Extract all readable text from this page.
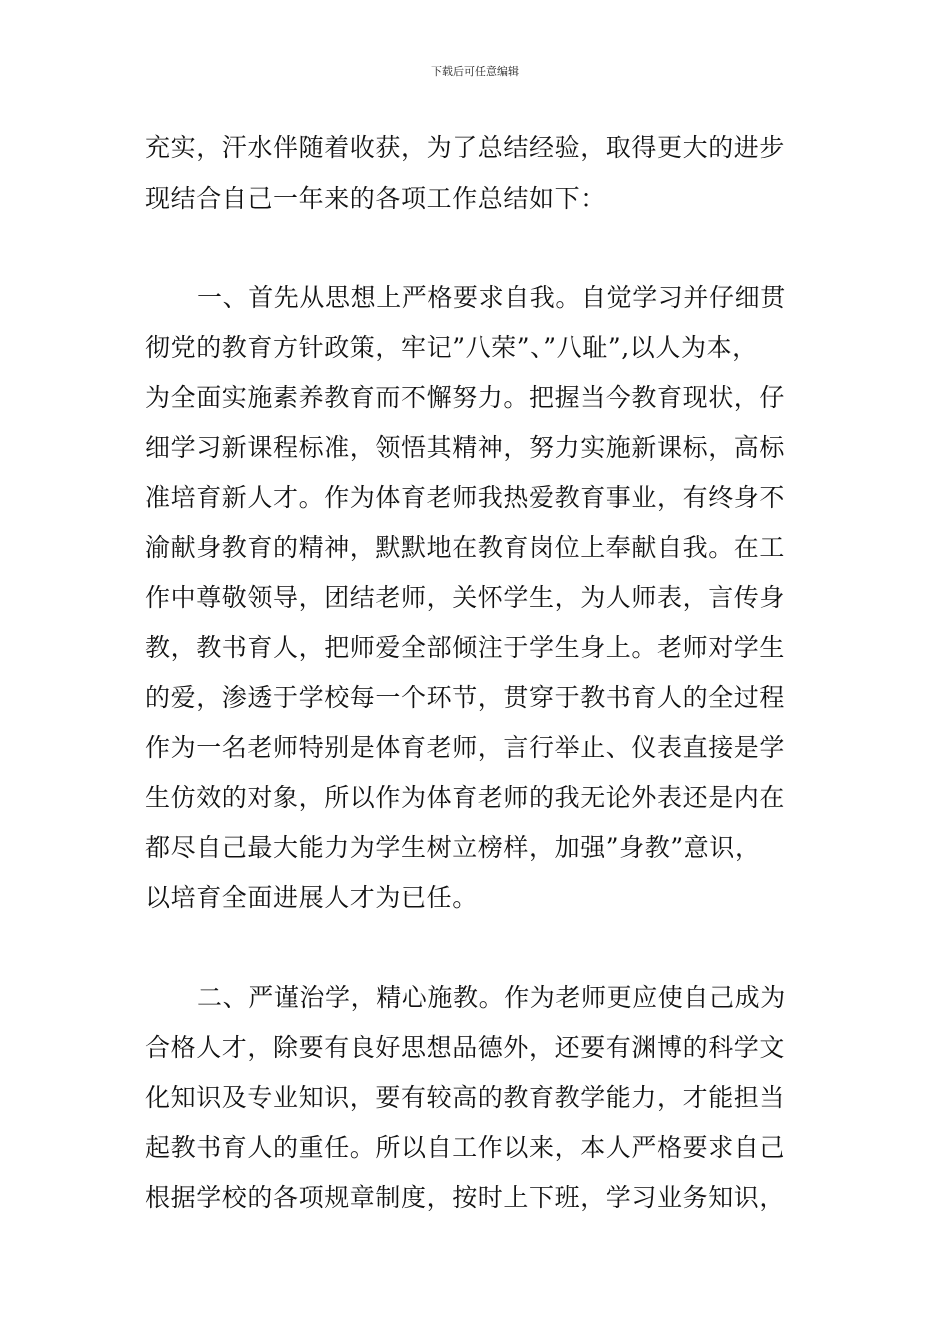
下载后可任意编辑
充实，汗水伴随着收获，为了总结经验，取得更大的进步
现结合自己一年来的各项工作总结如下：
一、首先从思想上严格要求自我。自觉学习并仔细贯
彻党的教育方针政策，牢记”八荣”、”八耻”,以人为本，
为全面实施素养教育而不懈努力。把握当今教育现状，仔
细学习新课程标准，领悟其精神，努力实施新课标，高标
准培育新人才。作为体育老师我热爱教育事业，有终身不
渝献身教育的精神，默默地在教育岗位上奉献自我。在工
作中尊敬领导，团结老师，关怀学生，为人师表，言传身
教，教书育人，把师爱全部倾注于学生身上。老师对学生
的爱，渗透于学校每一个环节，贯穿于教书育人的全过程
作为一名老师特别是体育老师，言行举止、仪表直接是学
生仿效的对象，所以作为体育老师的我无论外表还是内在
都尽自己最大能力为学生树立榜样，加强”身教”意识，
以培育全面进展人才为已任。
二、严谨治学，精心施教。作为老师更应使自己成为
合格人才，除要有良好思想品德外，还要有渊博的科学文
化知识及专业知识，要有较高的教育教学能力，才能担当
起教书育人的重任。所以自工作以来，本人严格要求自己
根据学校的各项规章制度，按时上下班，学习业务知识，
